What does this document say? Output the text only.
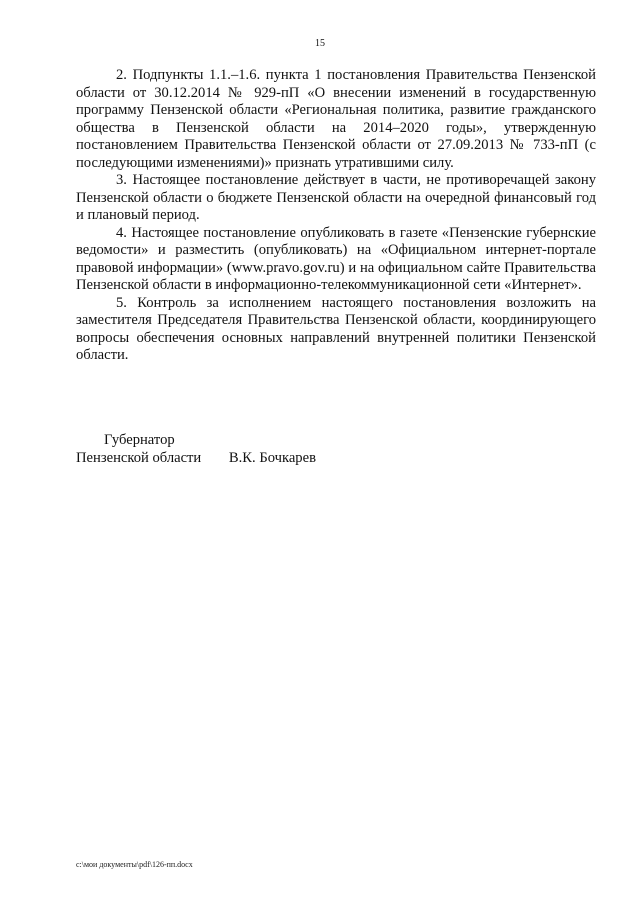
15

2. Подпункты 1.1.–1.6. пункта 1 постановления Правительства Пензенской области от 30.12.2014 № 929-пП «О внесении изменений в государственную программу Пензенской области «Региональная политика, развитие гражданского общества в Пензенской области на 2014–2020 годы», утвержденную постановлением Правительства Пензенской области от 27.09.2013 № 733-пП (с последующими изменениями)» признать утратившими силу.

3. Настоящее постановление действует в части, не противоречащей закону Пензенской области о бюджете Пензенской области на очередной финансовый год и плановый период.

4. Настоящее постановление опубликовать в газете «Пензенские губернские ведомости» и разместить (опубликовать) на «Официальном интернет-портале правовой информации» (www.pravo.gov.ru) и на официальном сайте Правительства Пензенской области в информационно-телекоммуникационной сети «Интернет».

5. Контроль за исполнением настоящего постановления возложить на заместителя Председателя Правительства Пензенской области, координирующего вопросы обеспечения основных направлений внутренней политики Пензенской области.

Губернатор
Пензенской области В.К. Бочкарев
c:\мои документы\pdf\126-пп.docx
